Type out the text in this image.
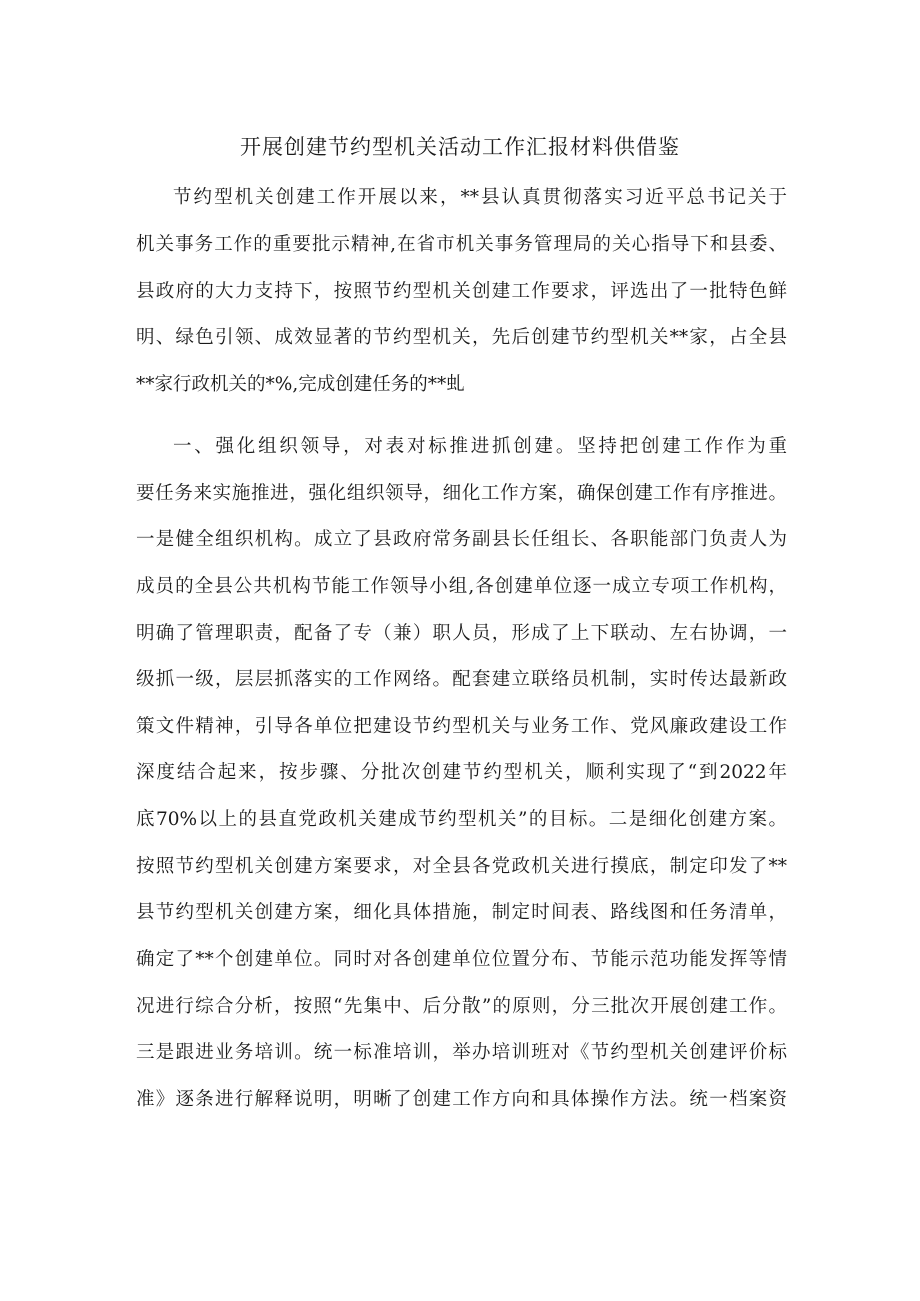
开展创建节约型机关活动工作汇报材料供借鉴
节约型机关创建工作开展以来，**县认真贯彻落实习近平总书记关于
机关事务工作的重要批示精神,在省市机关事务管理局的关心指导下和县委、
县政府的大力支持下，按照节约型机关创建工作要求，评选出了一批特色鲜
明、绿色引领、成效显著的节约型机关，先后创建节约型机关**家，占全县
**家行政机关的*%,完成创建任务的**虬
一、强化组织领导，对表对标推进抓创建。坚持把创建工作作为重
要任务来实施推进，强化组织领导，细化工作方案，确保创建工作有序推进。
一是健全组织机构。成立了县政府常务副县长任组长、各职能部门负责人为
成员的全县公共机构节能工作领导小组,各创建单位逐一成立专项工作机构，
明确了管理职责，配备了专（兼）职人员，形成了上下联动、左右协调，一
级抓一级，层层抓落实的工作网络。配套建立联络员机制，实时传达最新政
策文件精神，引导各单位把建设节约型机关与业务工作、党风廉政建设工作
深度结合起来，按步骤、分批次创建节约型机关，顺利实现了“到2022年
底70%以上的县直党政机关建成节约型机关”的目标。二是细化创建方案。
按照节约型机关创建方案要求，对全县各党政机关进行摸底，制定印发了**
县节约型机关创建方案，细化具体措施，制定时间表、路线图和任务清单，
确定了**个创建单位。同时对各创建单位位置分布、节能示范功能发挥等情
况进行综合分析，按照“先集中、后分散”的原则，分三批次开展创建工作。
三是跟进业务培训。统一标准培训，举办培训班对《节约型机关创建评价标
准》逐条进行解释说明，明晰了创建工作方向和具体操作方法。统一档案资
